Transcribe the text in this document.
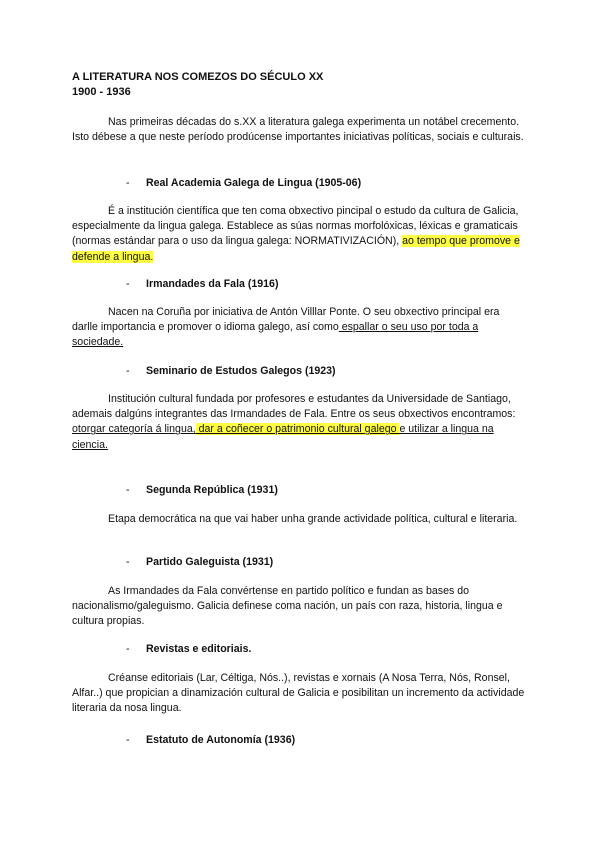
A LITERATURA NOS COMEZOS DO SÉCULO XX
1900 - 1936

Nas primeiras décadas do s.XX a literatura galega experimenta un notábel crecemento. Isto débese a que neste período prodúcense importantes iniciativas políticas, sociais e culturais.

- Real Academia Galega de Lingua (1905-06)

É a institución científica que ten coma obxectivo pincipal o estudo da cultura de Galicia, especialmente da lingua galega. Establece as súas normas morfolóxicas, léxicas e gramaticais (normas estándar para o uso da lingua galega: NORMATIVIZACIÓN), ao tempo que promove e defende a lingua.

- Irmandades da Fala (1916)

Nacen na Coruña por iniciativa de Antón Villlar Ponte. O seu obxectivo principal era darlle importancia e promover o idioma galego, así como espallar o seu uso por toda a sociedade.

- Seminario de Estudos Galegos (1923)

Institución cultural fundada por profesores e estudantes da Universidade de Santiago, ademais dalgúns integrantes das Irmandades de Fala. Entre os seus obxectivos encontramos: otorgar categoría á lingua, dar a coñecer o patrimonio cultural galego e utilizar a lingua na ciencia.

- Segunda República (1931)

Etapa democrática na que vai haber unha grande actividade política, cultural e literaria.

- Partido Galeguista (1931)

As Irmandades da Fala convértense en partido político e fundan as bases do nacionalismo/galeguismo. Galicia definese coma nación, un país con raza, historia, lingua e cultura propias.

- Revistas e editoriais.

Créanse editoriais (Lar, Céltiga, Nós..), revistas e xornais (A Nosa Terra, Nós, Ronsel, Alfar..) que propician a dinamización cultural de Galicia e posibilitan un incremento da actividade literaria da nosa lingua.

- Estatuto de Autonomía (1936)
